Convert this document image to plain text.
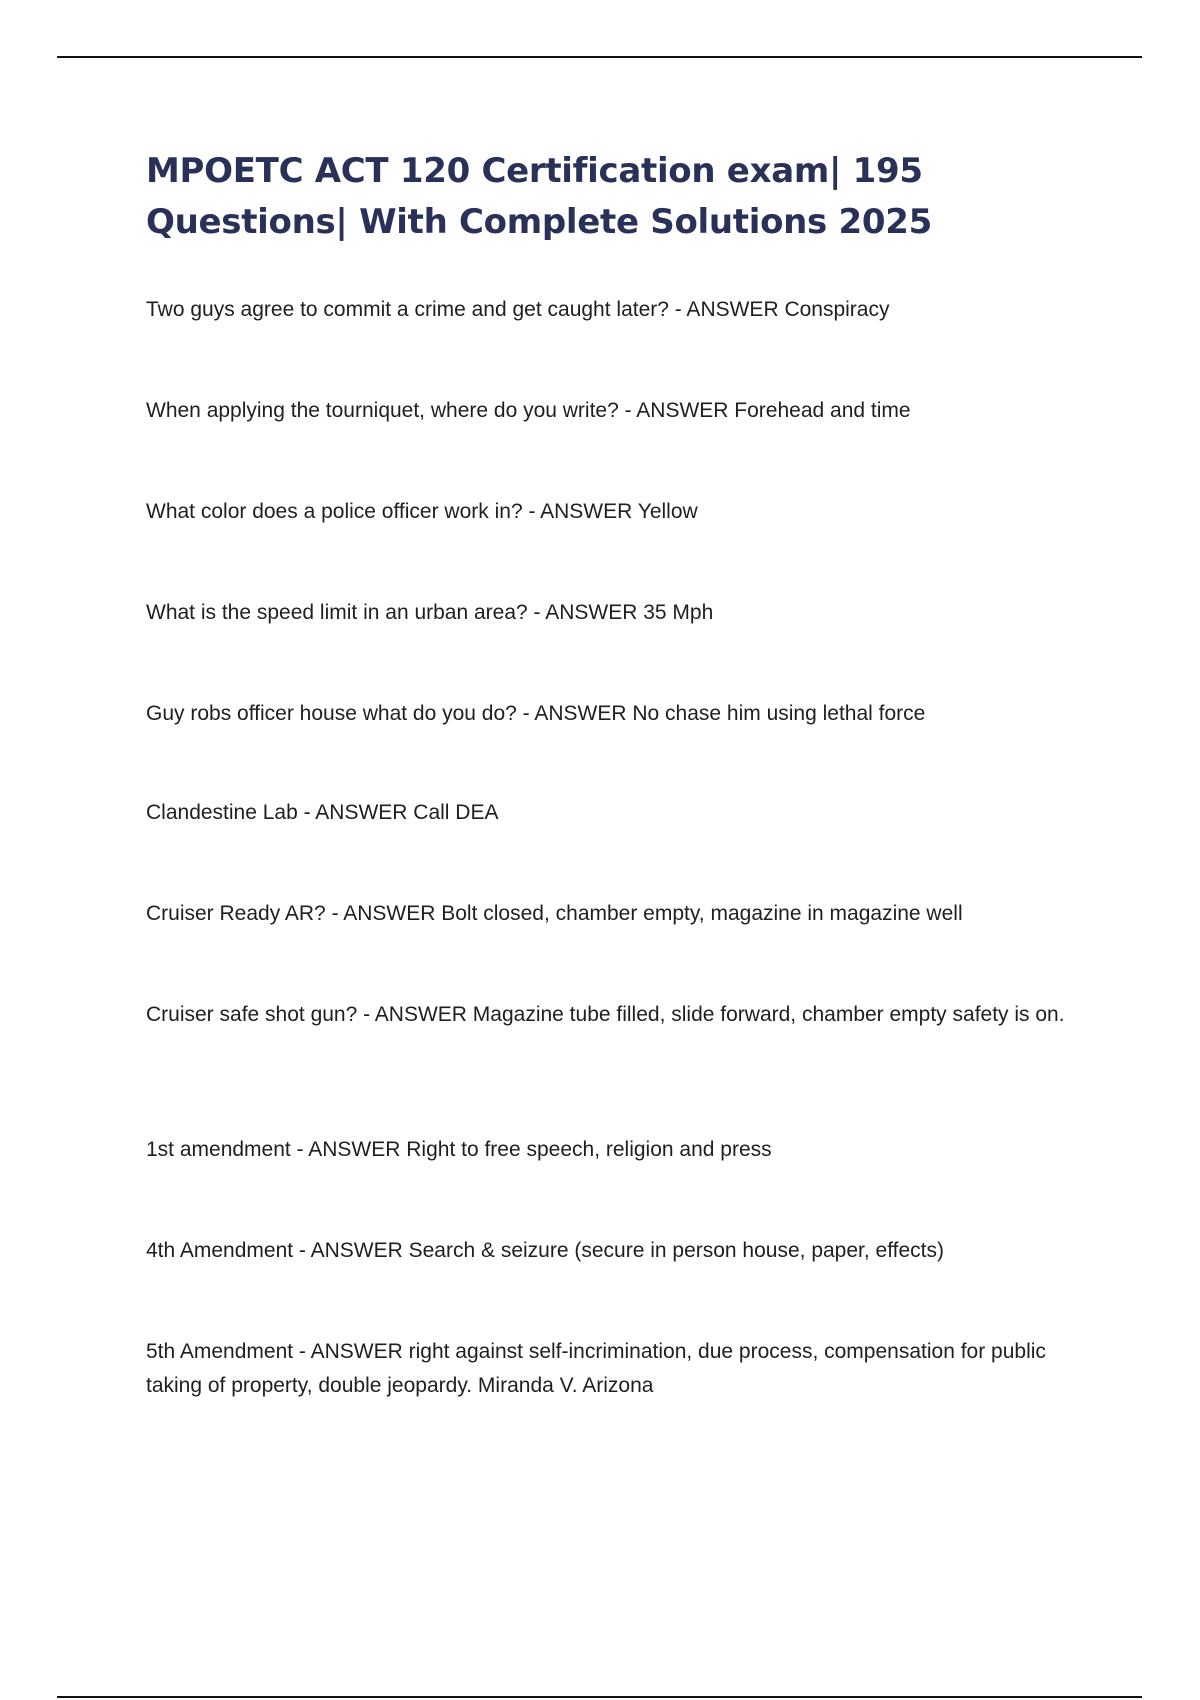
MPOETC ACT 120 Certification exam| 195 Questions| With Complete Solutions 2025

Two guys agree to commit a crime and get caught later? - ANSWER Conspiracy

When applying the tourniquet, where do you write? - ANSWER Forehead and time

What color does a police officer work in? - ANSWER Yellow

What is the speed limit in an urban area? - ANSWER 35 Mph

Guy robs officer house what do you do? - ANSWER No chase him using lethal force

Clandestine Lab - ANSWER Call DEA

Cruiser Ready AR? - ANSWER Bolt closed, chamber empty, magazine in magazine well

Cruiser safe shot gun? - ANSWER Magazine tube filled, slide forward, chamber empty safety is on.

1st amendment - ANSWER Right to free speech, religion and press

4th Amendment - ANSWER Search & seizure (secure in person house, paper, effects)

5th Amendment - ANSWER right against self-incrimination, due process, compensation for public taking of property, double jeopardy. Miranda V. Arizona
